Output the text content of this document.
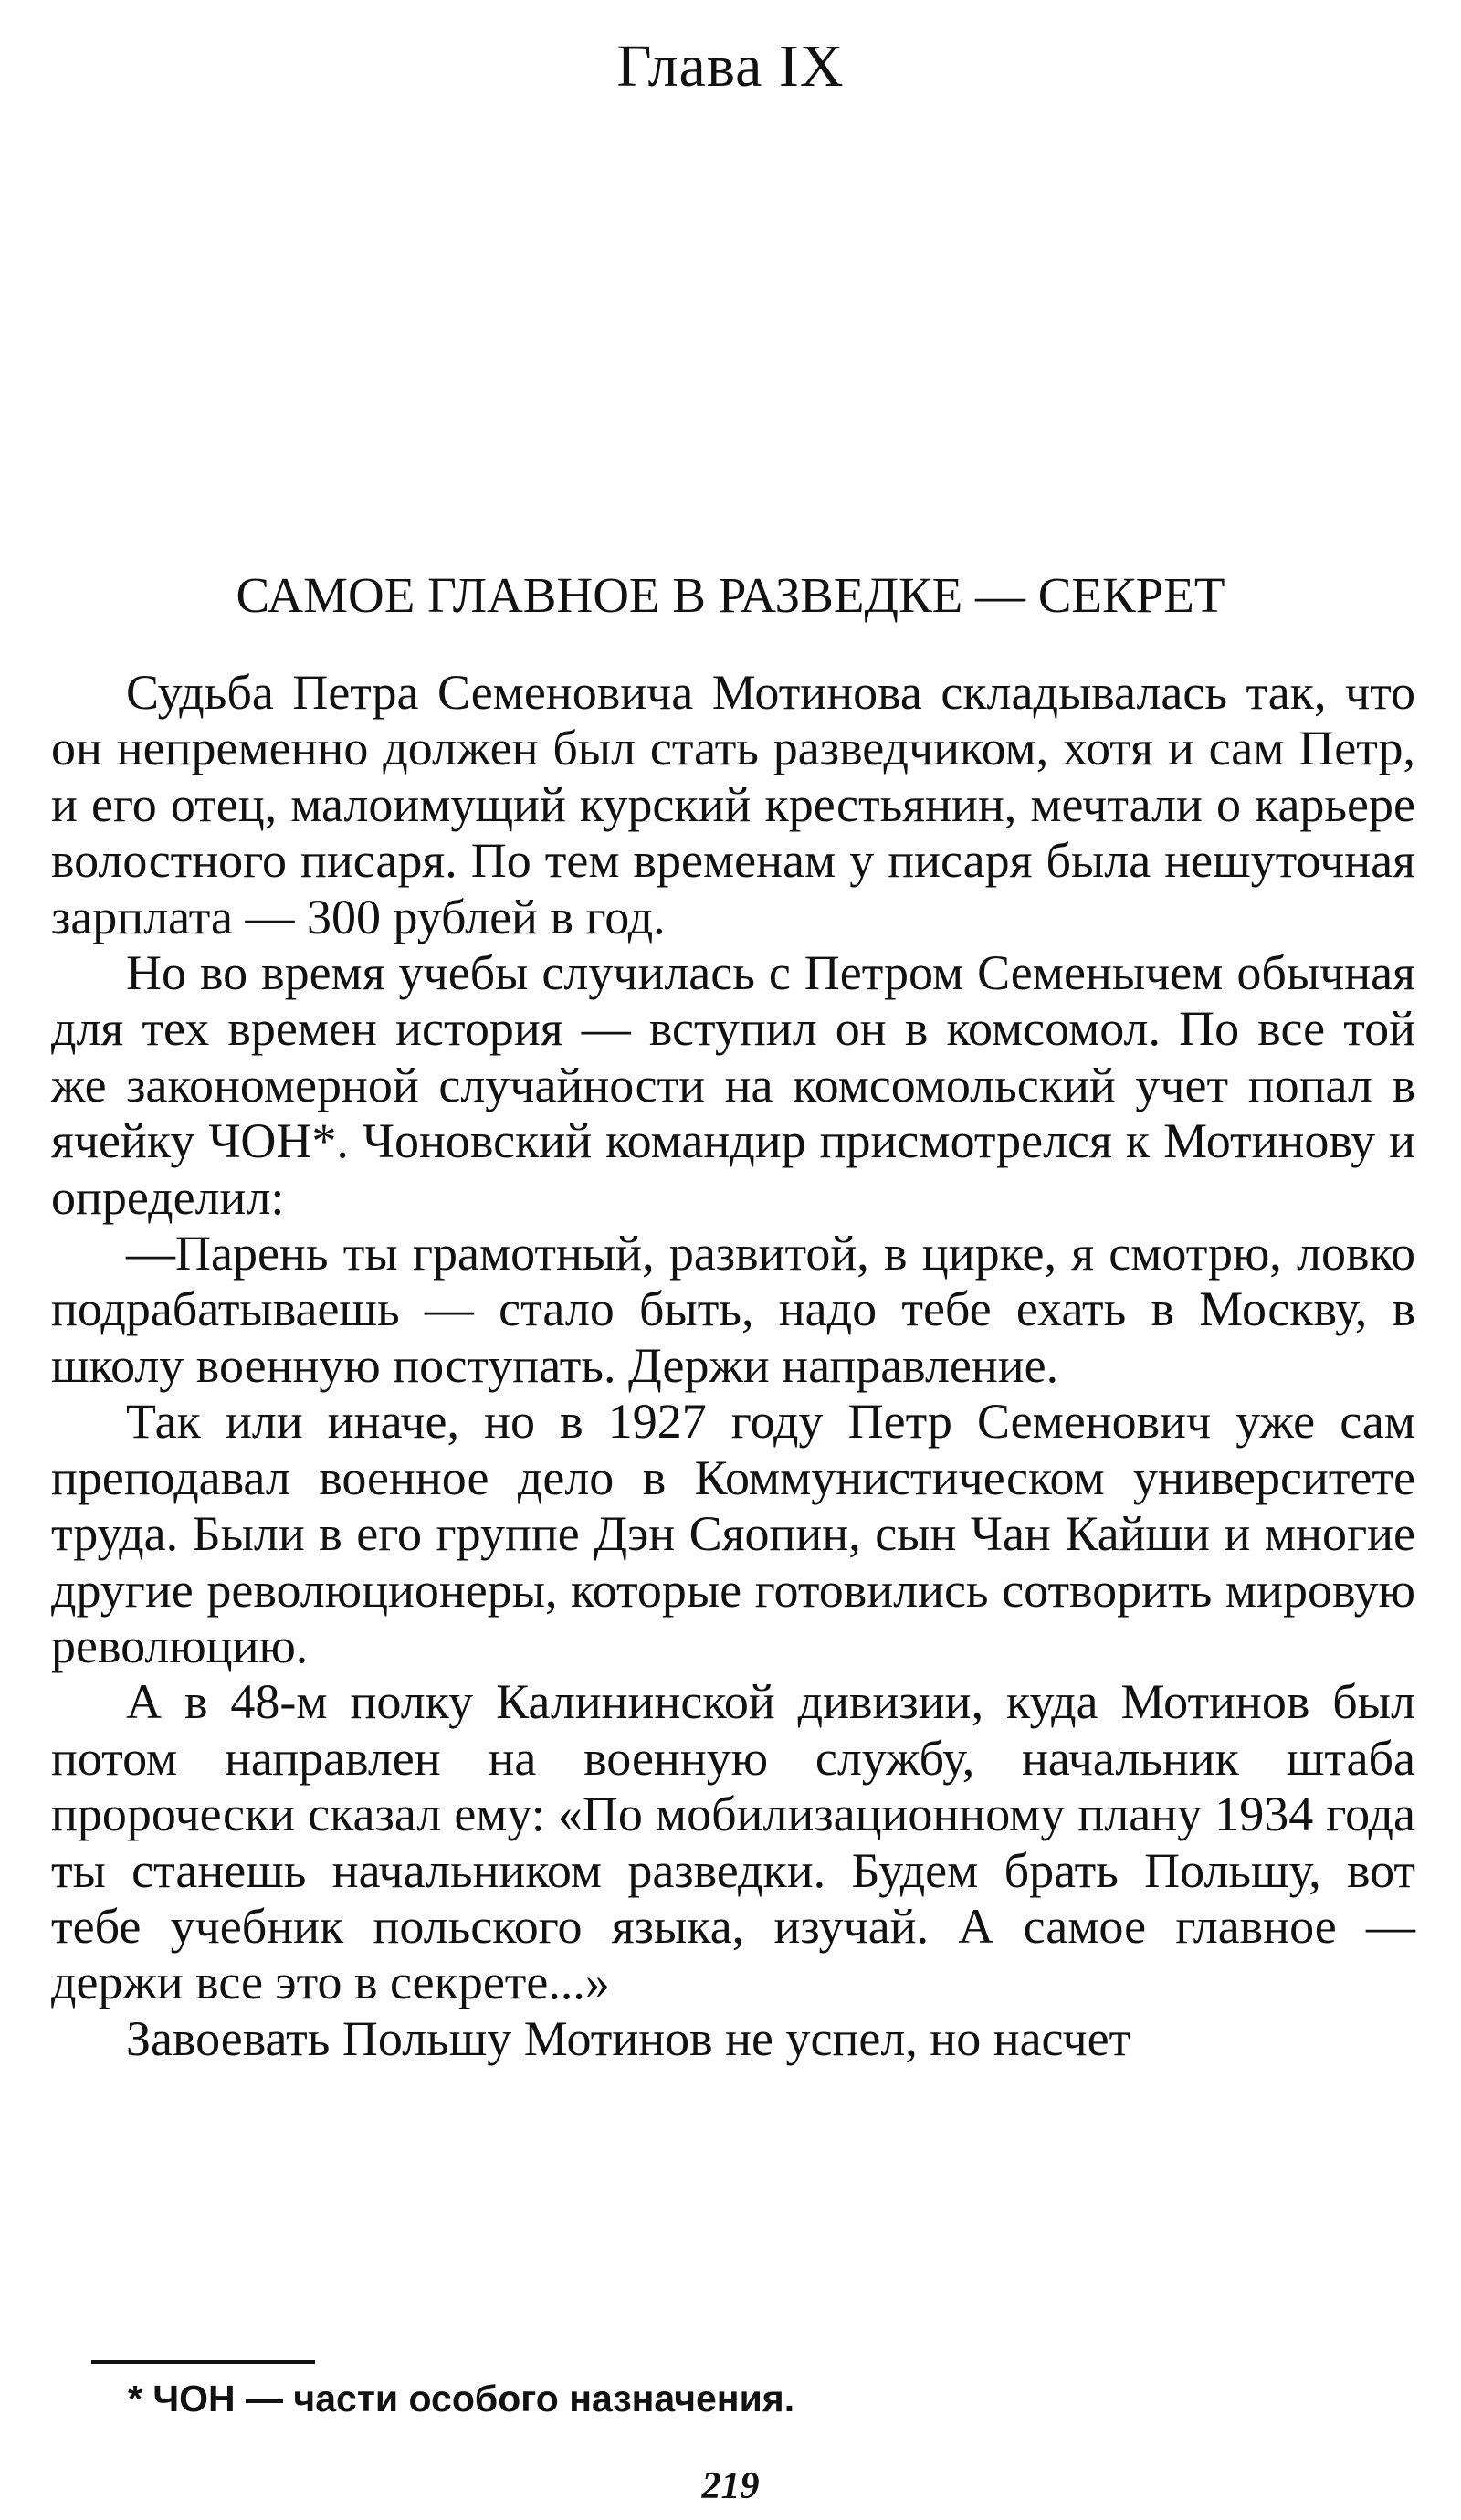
Глава IX
САМОЕ ГЛАВНОЕ В РАЗВЕДКЕ — СЕКРЕТ

Судьба Петра Семеновича Мотинова складывалась так, что он непременно должен был стать разведчиком, хотя и сам Петр, и его отец, малоимущий курский крестьянин, мечтали о карьере волостного писаря. По тем временам у писаря была нешуточная зарплата — 300 рублей в год.

Но во время учебы случилась с Петром Семенычем обычная для тех времен история — вступил он в комсомол. По все той же закономерной случайности на комсомольский учет попал в ячейку ЧОН*. Чоновский командир присмотрелся к Мотинову и определил:

—Парень ты грамотный, развитой, в цирке, я смотрю, ловко подрабатываешь — стало быть, надо тебе ехать в Москву, в школу военную поступать. Держи направление.

Так или иначе, но в 1927 году Петр Семенович уже сам преподавал военное дело в Коммунистическом университете труда. Были в его группе Дэн Сяопин, сын Чан Кайши и многие другие революционеры, которые готовились сотворить мировую революцию.

А в 48-м полку Калининской дивизии, куда Мотинов был потом направлен на военную службу, начальник штаба пророчески сказал ему: «По мобилизационному плану 1934 года ты станешь начальником разведки. Будем брать Польшу, вот тебе учебник польского языка, изучай. А самое главное — держи все это в секрете...»

Завоевать Польшу Мотинов не успел, но насчет

* ЧОН — части особого назначения.
219
